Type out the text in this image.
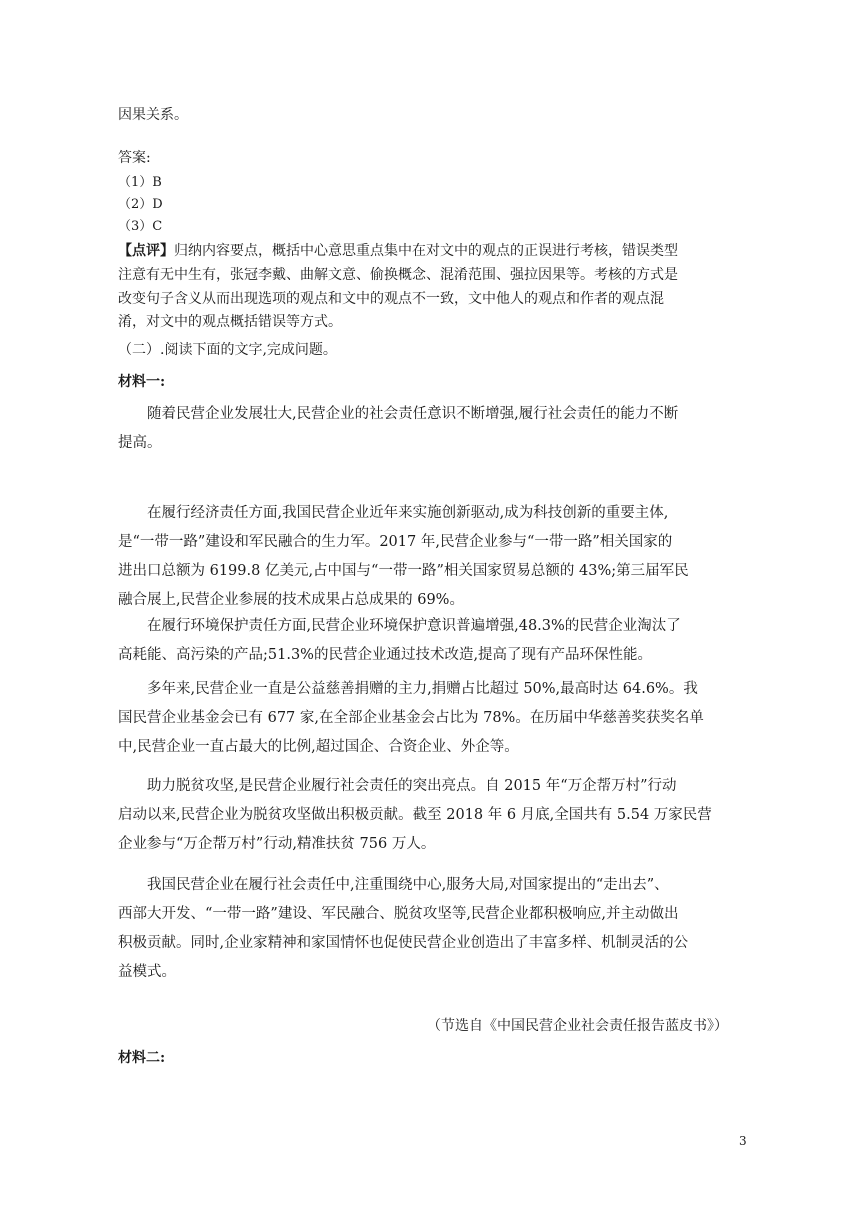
因果关系。
答案:
（1）B
（2）D
（3）C
【点评】归纳内容要点，概括中心意思重点集中在对文中的观点的正误进行考核，错误类型
注意有无中生有，张冠李戴、曲解文意、偷换概念、混淆范围、强拉因果等。考核的方式是
改变句子含义从而出现选项的观点和文中的观点不一致，文中他人的观点和作者的观点混
淆，对文中的观点概括错误等方式。
（二）.阅读下面的文字,完成问题。
材料一:
随着民营企业发展壮大,民营企业的社会责任意识不断增强,履行社会责任的能力不断
提高。
在履行经济责任方面,我国民营企业近年来实施创新驱动,成为科技创新的重要主体,
是“一带一路”建设和军民融合的生力军。2017 年,民营企业参与“一带一路”相关国家的
进出口总额为 6199.8 亿美元,占中国与“一带一路”相关国家贸易总额的 43%;第三届军民
融合展上,民营企业参展的技术成果占总成果的 69%。
在履行环境保护责任方面,民营企业环境保护意识普遍增强,48.3%的民营企业淘汰了
高耗能、高污染的产品;51.3%的民营企业通过技术改造,提高了现有产品环保性能。
多年来,民营企业一直是公益慈善捐赠的主力,捐赠占比超过 50%,最高时达 64.6%。我
国民营企业基金会已有 677 家,在全部企业基金会占比为 78%。在历届中华慈善奖获奖名单
中,民营企业一直占最大的比例,超过国企、合资企业、外企等。
助力脱贫攻坚,是民营企业履行社会责任的突出亮点。自 2015 年“万企帮万村”行动
启动以来,民营企业为脱贫攻坚做出积极贡献。截至 2018 年 6 月底,全国共有 5.54 万家民营
企业参与“万企帮万村”行动,精准扶贫 756 万人。
我国民营企业在履行社会责任中,注重围绕中心,服务大局,对国家提出的“走出去”、
西部大开发、“一带一路”建设、军民融合、脱贫攻坚等,民营企业都积极响应,并主动做出
积极贡献。同时,企业家精神和家国情怀也促使民营企业创造出了丰富多样、机制灵活的公
益模式。
（节选自《中国民营企业社会责任报告蓝皮书》）
材料二:
3
